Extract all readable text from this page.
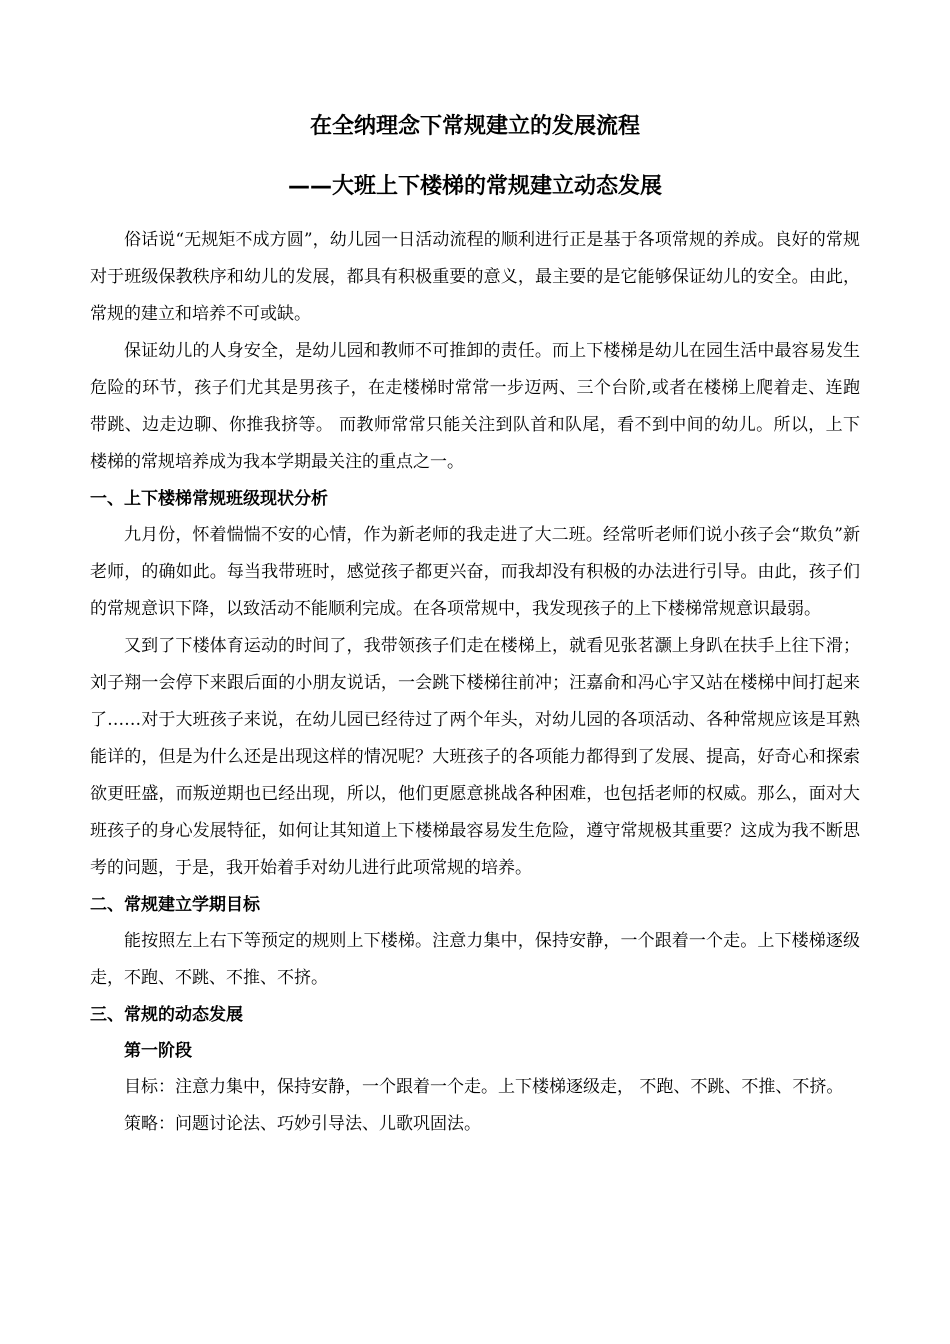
在全纳理念下常规建立的发展流程
——大班上下楼梯的常规建立动态发展

俗话说“无规矩不成方圆”，幼儿园一日活动流程的顺利进行正是基于各项常规的养成。良好的常规对于班级保教秩序和幼儿的发展，都具有积极重要的意义，最主要的是它能够保证幼儿的安全。由此，常规的建立和培养不可或缺。

保证幼儿的人身安全，是幼儿园和教师不可推卸的责任。而上下楼梯是幼儿在园生活中最容易发生危险的环节，孩子们尤其是男孩子，在走楼梯时常常一步迈两、三个台阶,或者在楼梯上爬着走、连跑带跳、边走边聊、你推我挤等。 而教师常常只能关注到队首和队尾，看不到中间的幼儿。所以，上下楼梯的常规培养成为我本学期最关注的重点之一。

一、上下楼梯常规班级现状分析

九月份，怀着惴惴不安的心情，作为新老师的我走进了大二班。经常听老师们说小孩子会“欺负”新老师，的确如此。每当我带班时，感觉孩子都更兴奋，而我却没有积极的办法进行引导。由此，孩子们的常规意识下降，以致活动不能顺利完成。在各项常规中，我发现孩子的上下楼梯常规意识最弱。

又到了下楼体育运动的时间了，我带领孩子们走在楼梯上，就看见张茗灏上身趴在扶手上往下滑；刘子翔一会停下来跟后面的小朋友说话，一会跳下楼梯往前冲；汪嘉俞和冯心宇又站在楼梯中间打起来了……对于大班孩子来说，在幼儿园已经待过了两个年头，对幼儿园的各项活动、各种常规应该是耳熟能详的，但是为什么还是出现这样的情况呢？大班孩子的各项能力都得到了发展、提高，好奇心和探索欲更旺盛，而叛逆期也已经出现，所以，他们更愿意挑战各种困难，也包括老师的权威。那么，面对大班孩子的身心发展特征，如何让其知道上下楼梯最容易发生危险，遵守常规极其重要？这成为我不断思考的问题，于是，我开始着手对幼儿进行此项常规的培养。

二、常规建立学期目标

能按照左上右下等预定的规则上下楼梯。注意力集中，保持安静，一个跟着一个走。上下楼梯逐级走，不跑、不跳、不推、不挤。

三、常规的动态发展
第一阶段

目标：注意力集中，保持安静，一个跟着一个走。上下楼梯逐级走， 不跑、不跳、不推、不挤。

策略：问题讨论法、巧妙引导法、儿歌巩固法。
